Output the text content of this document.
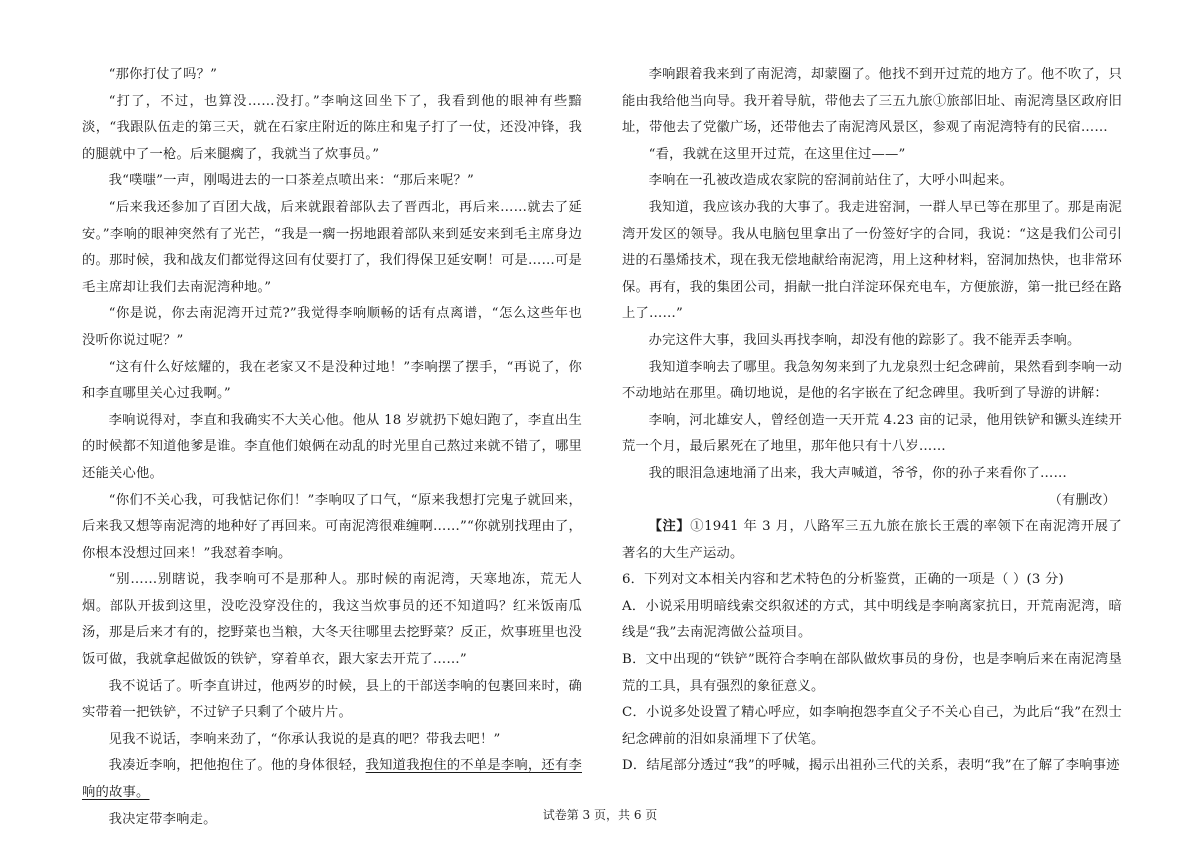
“那你打仗了吗？”

“打了，不过，也算没……没打。”李响这回坐下了，我看到他的眼神有些黯淡，“我跟队伍走的第三天，就在石家庄附近的陈庄和鬼子打了一仗，还没冲锋，我的腿就中了一枪。后来腿瘸了，我就当了炊事员。”

我“噗嗤”一声，刚喝进去的一口茶差点喷出来：“那后来呢？”

“后来我还参加了百团大战，后来就跟着部队去了晋西北，再后来……就去了延安。”李响的眼神突然有了光芒，“我是一瘸一拐地跟着部队来到延安来到毛主席身边的。那时候，我和战友们都觉得这回有仗要打了，我们得保卫延安啊！可是……可是毛主席却让我们去南泥湾种地。”

“你是说，你去南泥湾开过荒?”我觉得李响顺畅的话有点离谱，“怎么这些年也没听你说过呢？”

“这有什么好炫耀的，我在老家又不是没种过地！”李响摆了摆手，“再说了，你和李直哪里关心过我啊。”

李响说得对，李直和我确实不大关心他。他从 18 岁就扔下媳妇跑了，李直出生的时候都不知道他爹是谁。李直他们娘俩在动乱的时光里自己熬过来就不错了，哪里还能关心他。

“你们不关心我，可我惦记你们！”李响叹了口气，“原来我想打完鬼子就回来，后来我又想等南泥湾的地种好了再回来。可南泥湾很难缠啊……”“你就别找理由了，你根本没想过回来！”我怼着李响。

“别……别瞎说，我李响可不是那种人。那时候的南泥湾，天寒地冻，荒无人烟。部队开拔到这里，没吃没穿没住的，我这当炊事员的还不知道吗？红米饭南瓜汤，那是后来才有的，挖野菜也当粮，大冬天往哪里去挖野菜？反正，炊事班里也没饭可做，我就拿起做饭的铁铲，穿着单衣，跟大家去开荒了……”

我不说话了。听李直讲过，他两岁的时候，县上的干部送李响的包裹回来时，确实带着一把铁铲，不过铲子只剩了个破片片。

见我不说话，李响来劲了，“你承认我说的是真的吧？带我去吧！”

我凑近李响，把他抱住了。他的身体很轻，我知道我抱住的不单是李响，还有李响的故事。

我决定带李响走。

李响跟着我来到了南泥湾，却蒙圈了。他找不到开过荒的地方了。他不吹了，只能由我给他当向导。我开着导航，带他去了三五九旅①旅部旧址、南泥湾垦区政府旧址，带他去了党徽广场，还带他去了南泥湾风景区，参观了南泥湾特有的民宿……

“看，我就在这里开过荒，在这里住过——”

李响在一孔被改造成农家院的窑洞前站住了，大呼小叫起来。

我知道，我应该办我的大事了。我走进窑洞，一群人早已等在那里了。那是南泥湾开发区的领导。我从电脑包里拿出了一份签好字的合同，我说：“这是我们公司引进的石墨烯技术，现在我无偿地献给南泥湾，用上这种材料，窑洞加热快，也非常环保。再有，我的集团公司，捐献一批白洋淀环保充电车，方便旅游，第一批已经在路上了……”

办完这件大事，我回头再找李响，却没有他的踪影了。我不能弄丢李响。

我知道李响去了哪里。我急匆匆来到了九龙泉烈士纪念碑前，果然看到李响一动不动地站在那里。确切地说，是他的名字嵌在了纪念碑里。我听到了导游的讲解：

李响，河北雄安人，曾经创造一天开荒 4.23 亩的记录，他用铁铲和镢头连续开荒一个月，最后累死在了地里，那年他只有十八岁……

我的眼泪急速地涌了出来，我大声喊道，爷爷，你的孙子来看你了……

（有删改）

【注】①1941 年 3 月，八路军三五九旅在旅长王震的率领下在南泥湾开展了著名的大生产运动。

6．下列对文本相关内容和艺术特色的分析鉴赏，正确的一项是（ ）(3 分)

A．小说采用明暗线索交织叙述的方式，其中明线是李响离家抗日，开荒南泥湾，暗线是“我”去南泥湾做公益项目。

B．文中出现的“铁铲”既符合李响在部队做炊事员的身份，也是李响后来在南泥湾垦荒的工具，具有强烈的象征意义。

C．小说多处设置了精心呼应，如李响抱怨李直父子不关心自己，为此后“我”在烈士纪念碑前的泪如泉涌埋下了伏笔。

D．结尾部分透过“我”的呼喊，揭示出祖孙三代的关系，表明“我”在了解了李响事迹

试卷第 3 页，共 6 页
